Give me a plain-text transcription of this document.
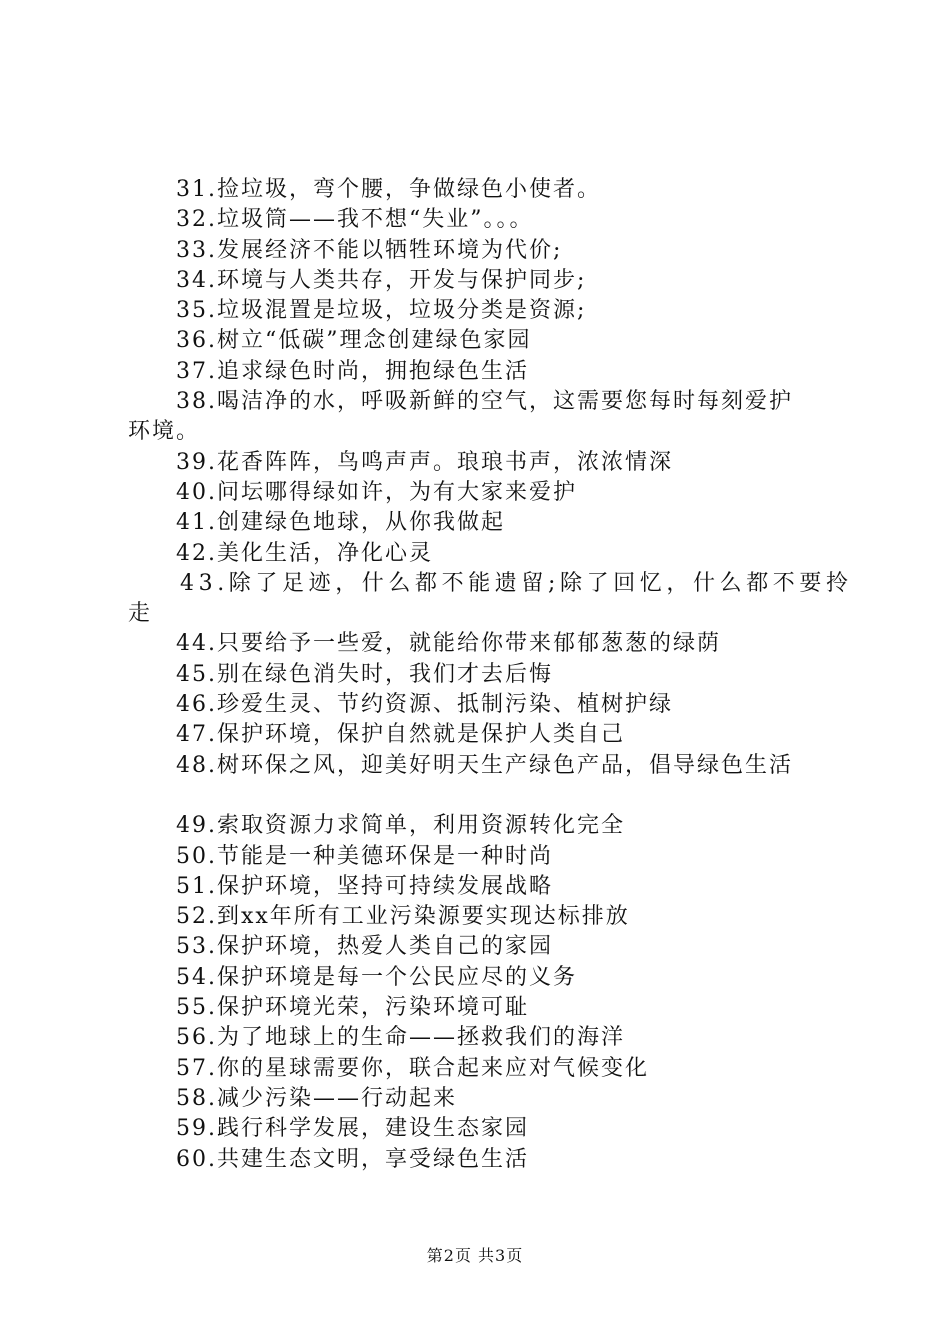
31.捡垃圾，弯个腰，争做绿色小使者。
32.垃圾筒——我不想“失业”。。。
33.发展经济不能以牺牲环境为代价;
34.环境与人类共存，开发与保护同步;
35.垃圾混置是垃圾，垃圾分类是资源;
36.树立“低碳”理念创建绿色家园
37.追求绿色时尚，拥抱绿色生活
38.喝洁净的水，呼吸新鲜的空气，这需要您每时每刻爱护
环境。
39.花香阵阵，鸟鸣声声。琅琅书声，浓浓情深
40.问坛哪得绿如许，为有大家来爱护
41.创建绿色地球，从你我做起
42.美化生活，净化心灵
43.除了足迹，什么都不能遗留;除了回忆，什么都不要拎
走
44.只要给予一些爱，就能给你带来郁郁葱葱的绿荫
45.别在绿色消失时，我们才去后悔
46.珍爱生灵、节约资源、抵制污染、植树护绿
47.保护环境，保护自然就是保护人类自己
48.树环保之风，迎美好明天生产绿色产品，倡导绿色生活
49.索取资源力求简单，利用资源转化完全
50.节能是一种美德环保是一种时尚
51.保护环境，坚持可持续发展战略
52.到xx年所有工业污染源要实现达标排放
53.保护环境，热爱人类自己的家园
54.保护环境是每一个公民应尽的义务
55.保护环境光荣，污染环境可耻
56.为了地球上的生命——拯救我们的海洋
57.你的星球需要你，联合起来应对气候变化
58.减少污染——行动起来
59.践行科学发展，建设生态家园
60.共建生态文明，享受绿色生活
第2页 共3页
